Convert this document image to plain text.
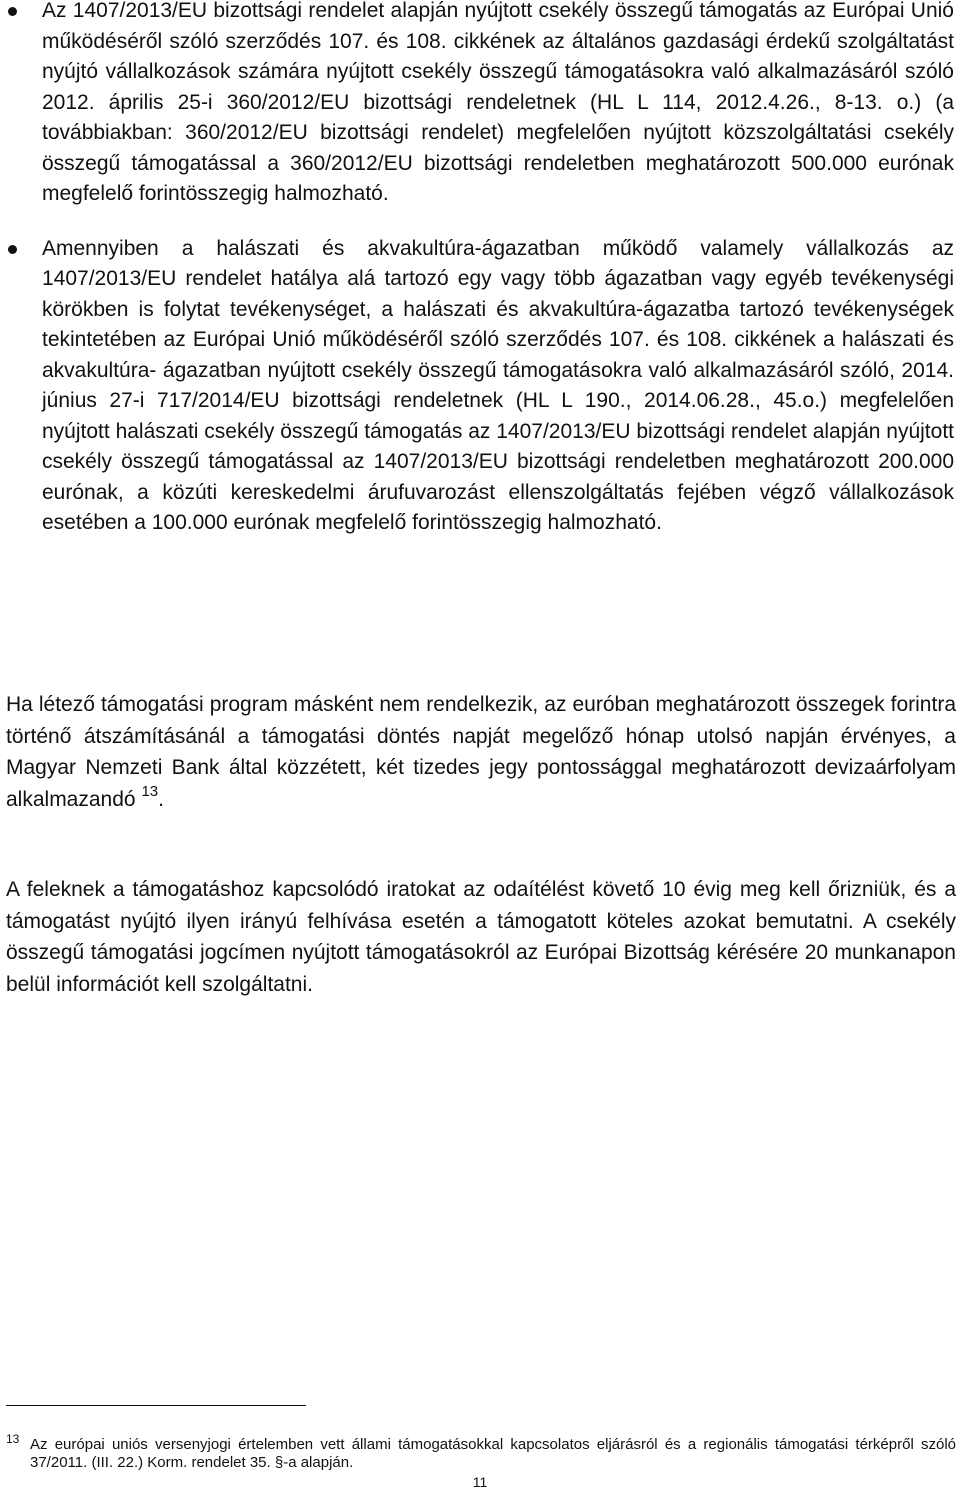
Az 1407/2013/EU bizottsági rendelet alapján nyújtott csekély összegű támogatás az Európai Unió működéséről szóló szerződés 107. és 108. cikkének az általános gazdasági érdekű szolgáltatást nyújtó vállalkozások számára nyújtott csekély összegű támogatásokra való alkalmazásáról szóló 2012. április 25-i 360/2012/EU bizottsági rendeletnek (HL L 114, 2012.4.26., 8-13. o.) (a továbbiakban: 360/2012/EU bizottsági rendelet) megfelelően nyújtott közszolgáltatási csekély összegű támogatással a 360/2012/EU bizottsági rendeletben meghatározott 500.000 eurónak megfelelő forintösszegig halmozható.
Amennyiben a halászati és akvakultúra-ágazatban működő valamely vállalkozás az 1407/2013/EU rendelet hatálya alá tartozó egy vagy több ágazatban vagy egyéb tevékenységi körökben is folytat tevékenységet, a halászati és akvakultúra-ágazatba tartozó tevékenységek tekintetében az Európai Unió működéséről szóló szerződés 107. és 108. cikkének a halászati és akvakultúra- ágazatban nyújtott csekély összegű támogatásokra való alkalmazásáról szóló, 2014. június 27-i 717/2014/EU bizottsági rendeletnek (HL L 190., 2014.06.28., 45.o.) megfelelően nyújtott halászati csekély összegű támogatás az 1407/2013/EU bizottsági rendelet alapján nyújtott csekély összegű támogatással az 1407/2013/EU bizottsági rendeletben meghatározott 200.000 eurónak, a közúti kereskedelmi árufuvarozást ellenszolgáltatás fejében végző vállalkozások esetében a 100.000 eurónak megfelelő forintösszegig halmozható.

Ha létező támogatási program másként nem rendelkezik, az euróban meghatározott összegek forintra történő átszámításánál a támogatási döntés napját megelőző hónap utolsó napján érvényes, a Magyar Nemzeti Bank által közzétett, két tizedes jegy pontossággal meghatározott devizaárfolyam alkalmazandó $^{13}$.

A feleknek a támogatáshoz kapcsolódó iratokat az odaítélést követő 10 évig meg kell őrizniük, és a támogatást nyújtó ilyen irányú felhívása esetén a támogatott köteles azokat bemutatni. A csekély összegű támogatási jogcímen nyújtott támogatásokról az Európai Bizottság kérésére 20 munkanapon belül információt kell szolgáltatni.

13 Az európai uniós versenyjogi értelemben vett állami támogatásokkal kapcsolatos eljárásról és a regionális támogatási térképről szóló 37/2011. (III. 22.) Korm. rendelet 35. §-a alapján.
11
